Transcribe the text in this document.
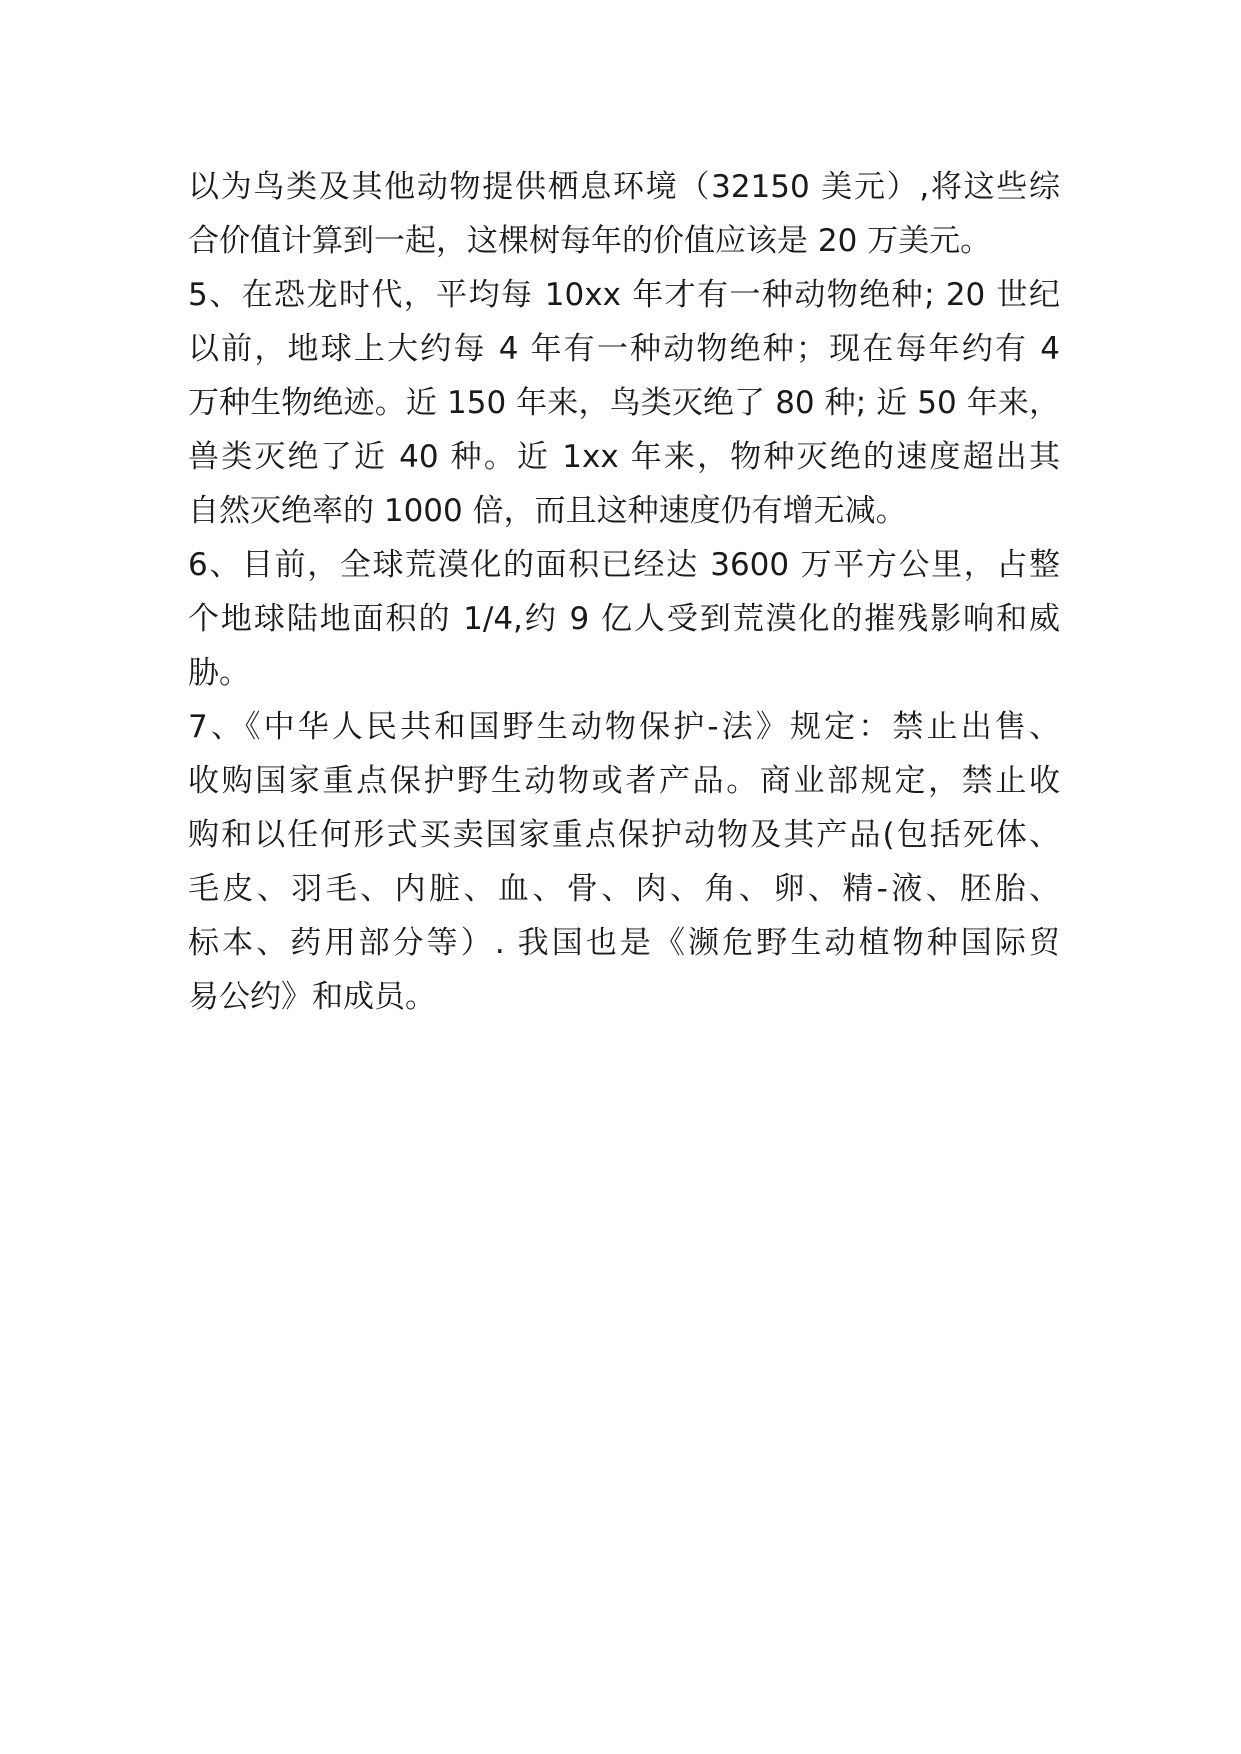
以为鸟类及其他动物提供栖息环境（32150 美元）,将这些综
合价值计算到一起，这棵树每年的价值应该是 20 万美元。
5、在恐龙时代，平均每 10xx 年才有一种动物绝种; 20 世纪
以前，地球上大约每 4 年有一种动物绝种；现在每年约有 4
万种生物绝迹。近 150 年来，鸟类灭绝了 80 种; 近 50 年来，
兽类灭绝了近 40 种。近 1xx 年来，物种灭绝的速度超出其
自然灭绝率的 1000 倍，而且这种速度仍有增无减。
6、目前，全球荒漠化的面积已经达 3600 万平方公里，占整
个地球陆地面积的 1/4,约 9 亿人受到荒漠化的摧残影响和威
胁。
7、《中华人民共和国野生动物保护-法》规定：禁止出售、
收购国家重点保护野生动物或者产品。商业部规定，禁止收
购和以任何形式买卖国家重点保护动物及其产品(包括死体、
毛皮、羽毛、内脏、血、骨、肉、角、卵、精-液、胚胎、
标本、药用部分等）. 我国也是《濒危野生动植物种国际贸
易公约》和成员。
